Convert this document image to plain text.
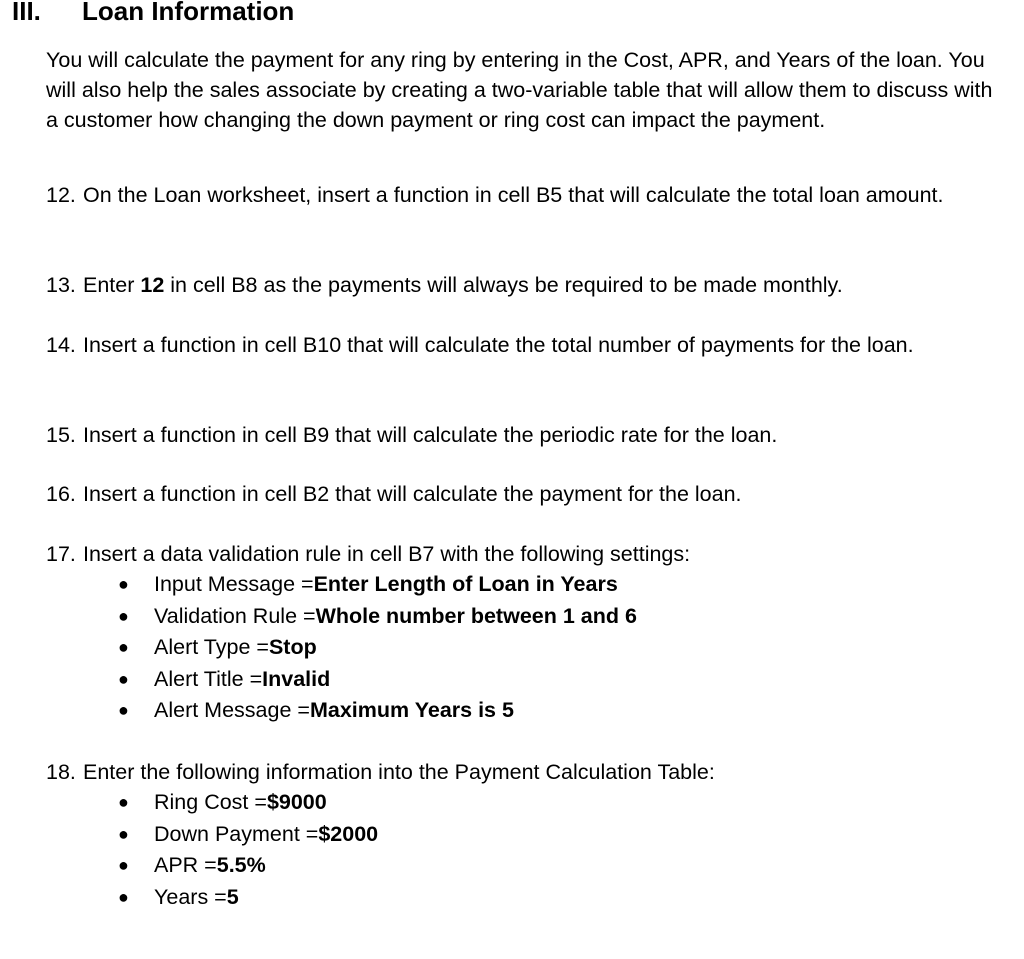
III.	Loan Information

You will calculate the payment for any ring by entering in the Cost, APR, and Years of the loan. You will also help the sales associate by creating a two-variable table that will allow them to discuss with a customer how changing the down payment or ring cost can impact the payment.

12. On the Loan worksheet, insert a function in cell B5 that will calculate the total loan amount.
13. Enter 12 in cell B8 as the payments will always be required to be made monthly.
14. Insert a function in cell B10 that will calculate the total number of payments for the loan.
15. Insert a function in cell B9 that will calculate the periodic rate for the loan.
16. Insert a function in cell B2 that will calculate the payment for the loan.
17. Insert a data validation rule in cell B7 with the following settings:
●	Input Message = Enter Length of Loan in Years
●	Validation Rule = Whole number between 1 and 6
●	Alert Type = Stop
●	Alert Title = Invalid
●	Alert Message = Maximum Years is 5
18. Enter the following information into the Payment Calculation Table:
●	Ring Cost = $9000
●	Down Payment = $2000
●	APR = 5.5%
●	Years = 5
